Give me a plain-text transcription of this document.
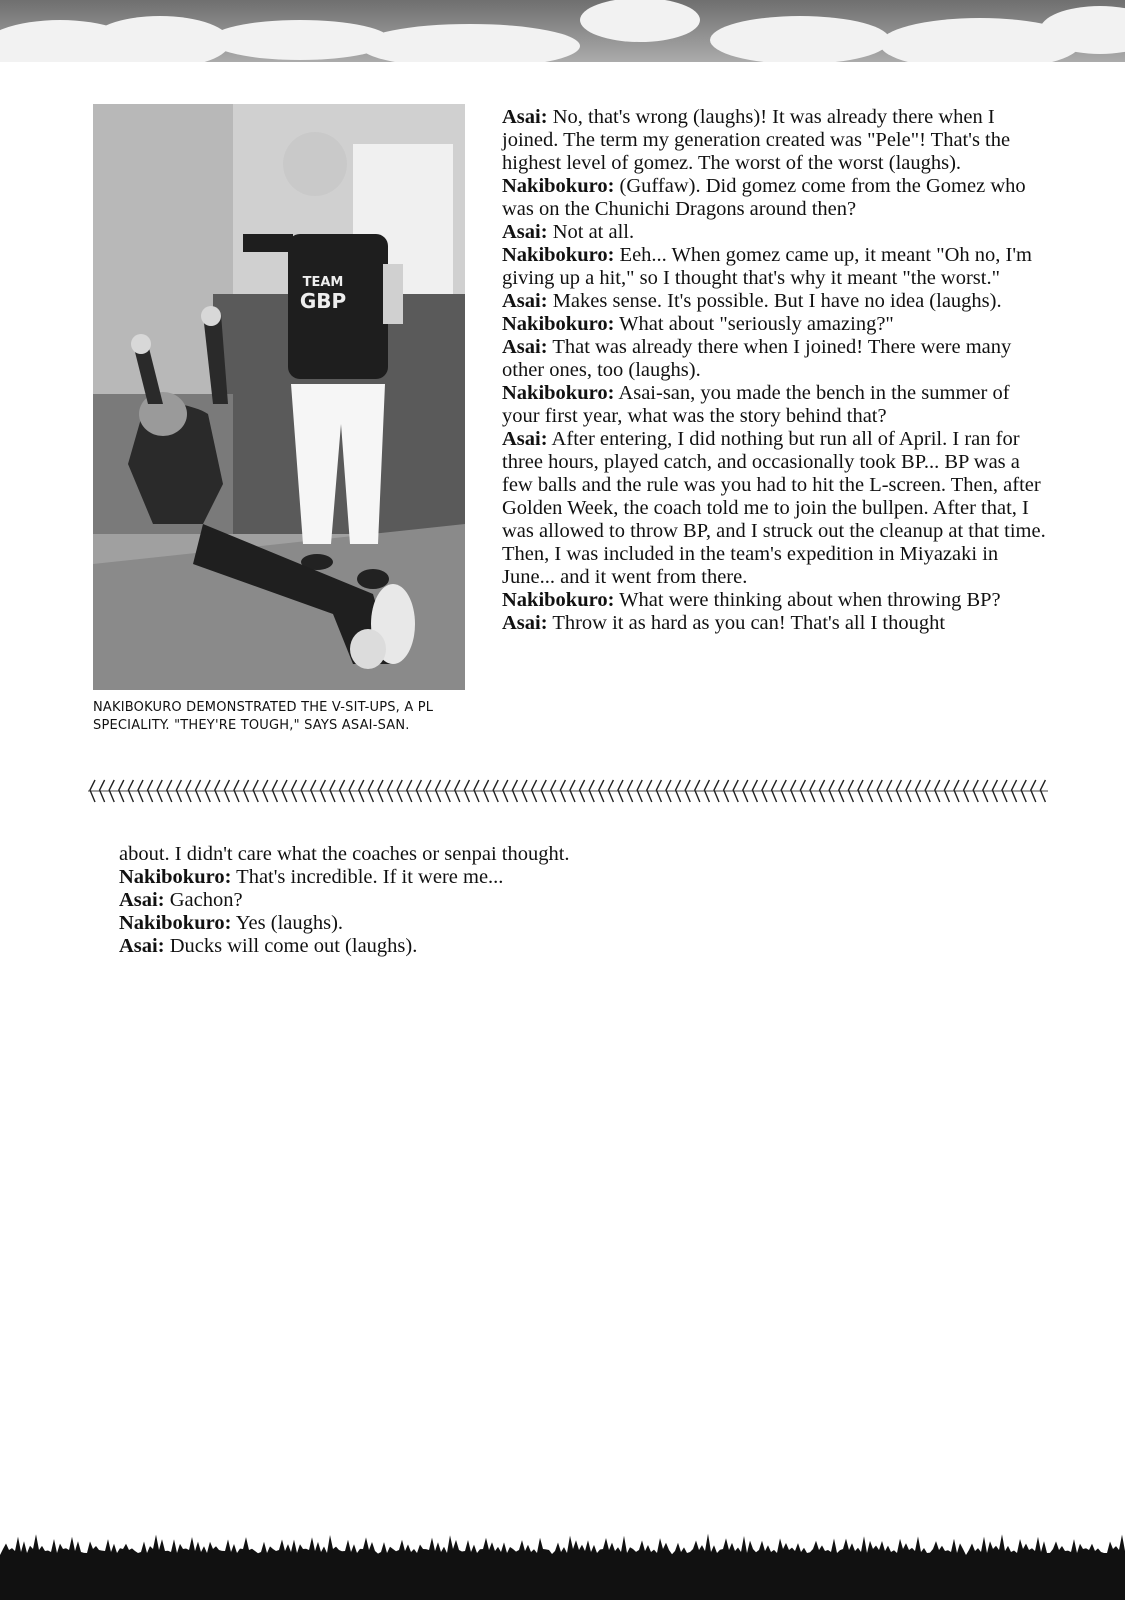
TEAM
GBP
NAKIBOKURO DEMONSTRATED THE V-SIT-UPS, A PL SPECIALITY. "THEY'RE TOUGH," SAYS ASAI-SAN.

Asai: No, that's wrong (laughs)! It was already there when I joined. The term my generation created was "Pele"! That's the highest level of gomez. The worst of the worst (laughs).

Nakibokuro: (Guffaw). Did gomez come from the Gomez who was on the Chunichi Dragons around then?

Asai: Not at all.

Nakibokuro: Eeh... When gomez came up, it meant "Oh no, I'm giving up a hit," so I thought that's why it meant "the worst."

Asai: Makes sense. It's possible. But I have no idea (laughs).

Nakibokuro: What about "seriously amazing?"

Asai: That was already there when I joined! There were many other ones, too (laughs).

Nakibokuro: Asai-san, you made the bench in the summer of your first year, what was the story behind that?

Asai: After entering, I did nothing but run all of April. I ran for three hours, played catch, and occasionally took BP... BP was a few balls and the rule was you had to hit the L-screen. Then, after Golden Week, the coach told me to join the bullpen. After that, I was allowed to throw BP, and I struck out the cleanup at that time. Then, I was included in the team's expedition in Miyazaki in June... and it went from there.

Nakibokuro: What were thinking about when throwing BP?

Asai: Throw it as hard as you can! That's all I thought

about. I didn't care what the coaches or senpai thought.

Nakibokuro: That's incredible. If it were me...

Asai: Gachon?

Nakibokuro: Yes (laughs).

Asai: Ducks will come out (laughs).
